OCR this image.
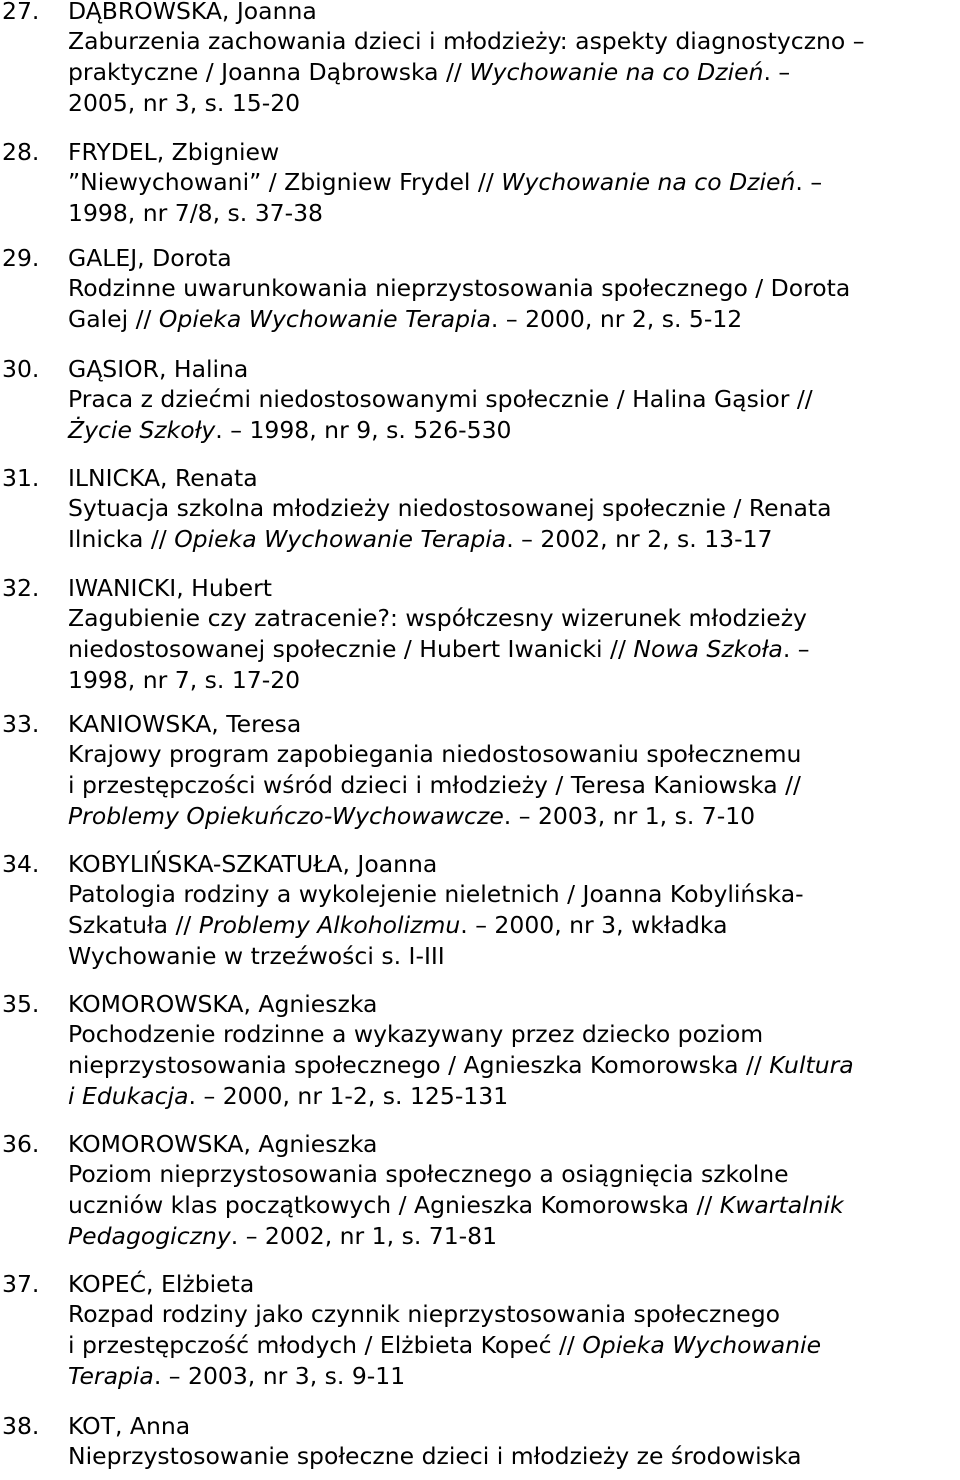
27. DĄBROWSKA, Joanna
Zaburzenia zachowania dzieci i młodzieży: aspekty diagnostyczno –
praktyczne / Joanna Dąbrowska // Wychowanie na co Dzień. –
2005, nr 3, s. 15-20
28. FRYDEL, Zbigniew
”Niewychowani” / Zbigniew Frydel // Wychowanie na co Dzień. –
1998, nr 7/8, s. 37-38
29. GALEJ, Dorota
Rodzinne uwarunkowania nieprzystosowania społecznego / Dorota
Galej // Opieka Wychowanie Terapia. – 2000, nr 2, s. 5-12
30. GĄSIOR, Halina
Praca z dziećmi niedostosowanymi społecznie / Halina Gąsior //
Życie Szkoły. – 1998, nr 9, s. 526-530
31. ILNICKA, Renata
Sytuacja szkolna młodzieży niedostosowanej społecznie / Renata
Ilnicka // Opieka Wychowanie Terapia. – 2002, nr 2, s. 13-17
32. IWANICKI, Hubert
Zagubienie czy zatracenie?: współczesny wizerunek młodzieży
niedostosowanej społecznie / Hubert Iwanicki // Nowa Szkoła. –
1998, nr 7, s. 17-20
33. KANIOWSKA, Teresa
Krajowy program zapobiegania niedostosowaniu społecznemu
i przestępczości wśród dzieci i młodzieży / Teresa Kaniowska //
Problemy Opiekuńczo-Wychowawcze. – 2003, nr 1, s. 7-10
34. KOBYLIŃSKA-SZKATUŁA, Joanna
Patologia rodziny a wykolejenie nieletnich / Joanna Kobylińska-
Szkatuła // Problemy Alkoholizmu. – 2000, nr 3, wkładka
Wychowanie w trzeźwości s. I-III
35. KOMOROWSKA, Agnieszka
Pochodzenie rodzinne a wykazywany przez dziecko poziom
nieprzystosowania społecznego / Agnieszka Komorowska // Kultura
i Edukacja. – 2000, nr 1-2, s. 125-131
36. KOMOROWSKA, Agnieszka
Poziom nieprzystosowania społecznego a osiągnięcia szkolne
uczniów klas początkowych / Agnieszka Komorowska // Kwartalnik
Pedagogiczny. – 2002, nr 1, s. 71-81
37. KOPEĆ, Elżbieta
Rozpad rodziny jako czynnik nieprzystosowania społecznego
i przestępczość młodych / Elżbieta Kopeć // Opieka Wychowanie
Terapia. – 2003, nr 3, s. 9-11
38. KOT, Anna
Nieprzystosowanie społeczne dzieci i młodzieży ze środowiska
